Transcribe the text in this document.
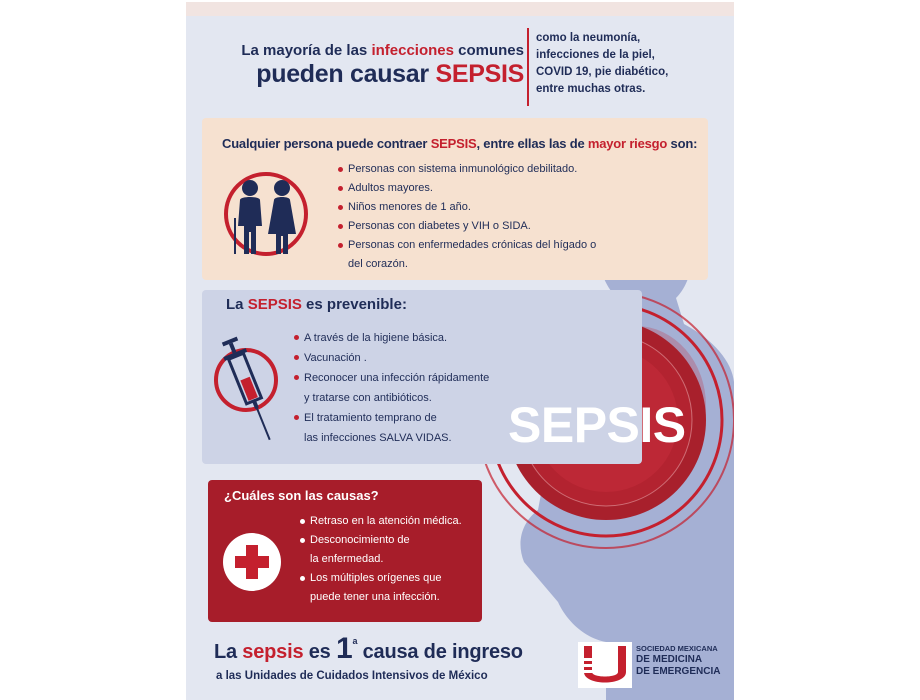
La mayoría de las infecciones comunes
pueden causar SEPSIS
como la neumonía,
infecciones de la piel,
COVID 19, pie diabético,
entre muchas otras.
Cualquier persona puede contraer SEPSIS, entre ellas las de mayor riesgo son:
Personas con sistema inmunológico debilitado.
Adultos mayores.
Niños menores de 1 año.
Personas con diabetes y VIH o SIDA.
Personas con enfermedades crónicas del hígado o
del corazón.
La SEPSIS es prevenible:
A través de la higiene básica.
Vacunación .
Reconocer una infección rápidamente
y tratarse con antibióticos.
El tratamiento temprano de
las infecciones SALVA VIDAS.
¿Cuáles son las causas?
Retraso en la atención médica.
Desconocimiento de
la enfermedad.
Los múltiples orígenes que
puede tener una infección.
SEPSIS
La sepsis es 1$^a$ causa de ingreso
a las Unidades de Cuidados Intensivos de México
SOCIEDAD MEXICANA
DE MEDICINA
DE EMERGENCIA
